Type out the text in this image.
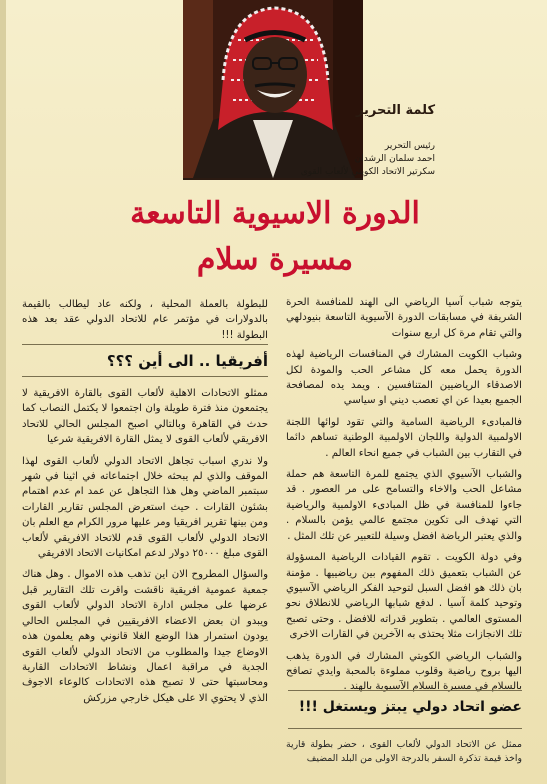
كلمة التحرير
رئيس التحرير
احمد سلمان الرشدان
سكرتير الاتحاد الكويتي لألعاب القوى
الدورة الاسيوية التاسعة
مسيرة سلام

يتوجه شباب آسيا الرياضي الى الهند للمنافسة الحرة الشريفة في مسابقات الدورة الآسيوية التاسعة بنيودلهي والتي تقام مرة كل اربع سنوات

وشباب الكويت المشارك في المنافسات الرياضية لهذه الدورة يحمل معه كل مشاعر الحب والمودة لكل الاصدقاء الرياضيين المتنافسين . ويمد يده لمصافحة الجميع بعيدا عن اي تعصب ديني او سياسي

فالمبادىء الرياضية السامية والتي تقود لوائها اللجنة الاولمبية الدولية واللجان الاولمبية الوطنية تساهم دائما في التقارب بين الشباب في جميع انحاء العالم .

والشباب الآسيوي الذي يجتمع للمرة التاسعة هم حملة مشاعل الحب والاخاء والتسامح على مر العصور . قد جاءوا للمنافسة في ظل المبادىء الاولمبية والرياضية التي تهدف الى تكوين مجتمع عالمي يؤمن بالسلام . والذي يعتبر الرياضة افضل وسيلة للتعبير عن تلك المثل .

وفي دولة الكويت . تقوم القيادات الرياضية المسؤولة عن الشباب بتعميق ذلك المفهوم بين رياضييها . مؤمنة بان ذلك هو افضل السبل لتوحيد الفكر الرياضي الآسيوي وتوحيد كلمة آسيا . لدفع شبابها الرياضي للانطلاق نحو المستوى العالمي . بتطوير قدراته للافضل . وحتى تصبح تلك الانجازات مثلا يحتذى به الآخرين في القارات الاخرى

والشباب الرياضي الكويتي المشارك في الدورة يذهب اليها بروح رياضية وقلوب مملوءة بالمحبة وايدي تصافح بالسلام في مسيرة السلام الآسيوية بالهند .

للبطولة بالعملة المحلية ، ولكنه عاد ليطالب بالقيمة بالدولارات في مؤتمر عام للاتحاد الدولي عقد بعد هذه البطولة !!!
أفريقيا .. الى أين ؟؟؟

ممثلو الاتحادات الاهلية لألعاب القوى بالقارة الافريقية لا يجتمعون منذ فترة طويلة وان اجتمعوا لا يكتمل النصاب كما حدث في القاهرة وبالتالي اصبح المجلس الحالي للاتحاد الافريقي لألعاب القوى لا يمثل القارة الافريقية شرعيا

ولا ندري اسباب تجاهل الاتحاد الدولي لألعاب القوى لهذا الموقف والذي لم يبحثه خلال اجتماعاته في اثينا في شهر سبتمبر الماضي وهل هذا التجاهل عن عمد ام عدم اهتمام بشئون القارات . حيث استعرض المجلس تقارير القارات ومن بينها تقرير افريقيا ومر عليها مرور الكرام مع العلم بان الاتحاد الدولي لألعاب القوى قدم للاتحاد الافريقي لألعاب القوى مبلغ ٢٥٠٠٠ دولار لدعم امكانيات الاتحاد الافريقي

والسؤال المطروح الان اين تذهب هذه الاموال . وهل هناك جمعية عمومية افريقية ناقشت واقرت تلك التقارير قبل عرضها على مجلس ادارة الاتحاد الدولي لألعاب القوى ويبدو ان بعض الاعضاء الافريقيين في المجلس الحالي يودون استمرار هذا الوضع الغلا قانوني وهم يعلمون هذه الاوضاع جيدا والمطلوب من الاتحاد الدولي لألعاب القوى الجدية في مراقبة اعمال ونشاط الاتحادات القارية ومحاسبتها حتى لا تصبح هذه الاتحادات كالوعاء الاجوف الذي لا يحتوي الا على هيكل خارجي مزركش

عضو اتحاد دولي يبتز ويستغل !!!
ممثل عن الاتحاد الدولي لألعاب القوى ، حضر بطولة قارية واخذ قيمة تذكرة السفر بالدرجة الاولى من البلد المضيف
